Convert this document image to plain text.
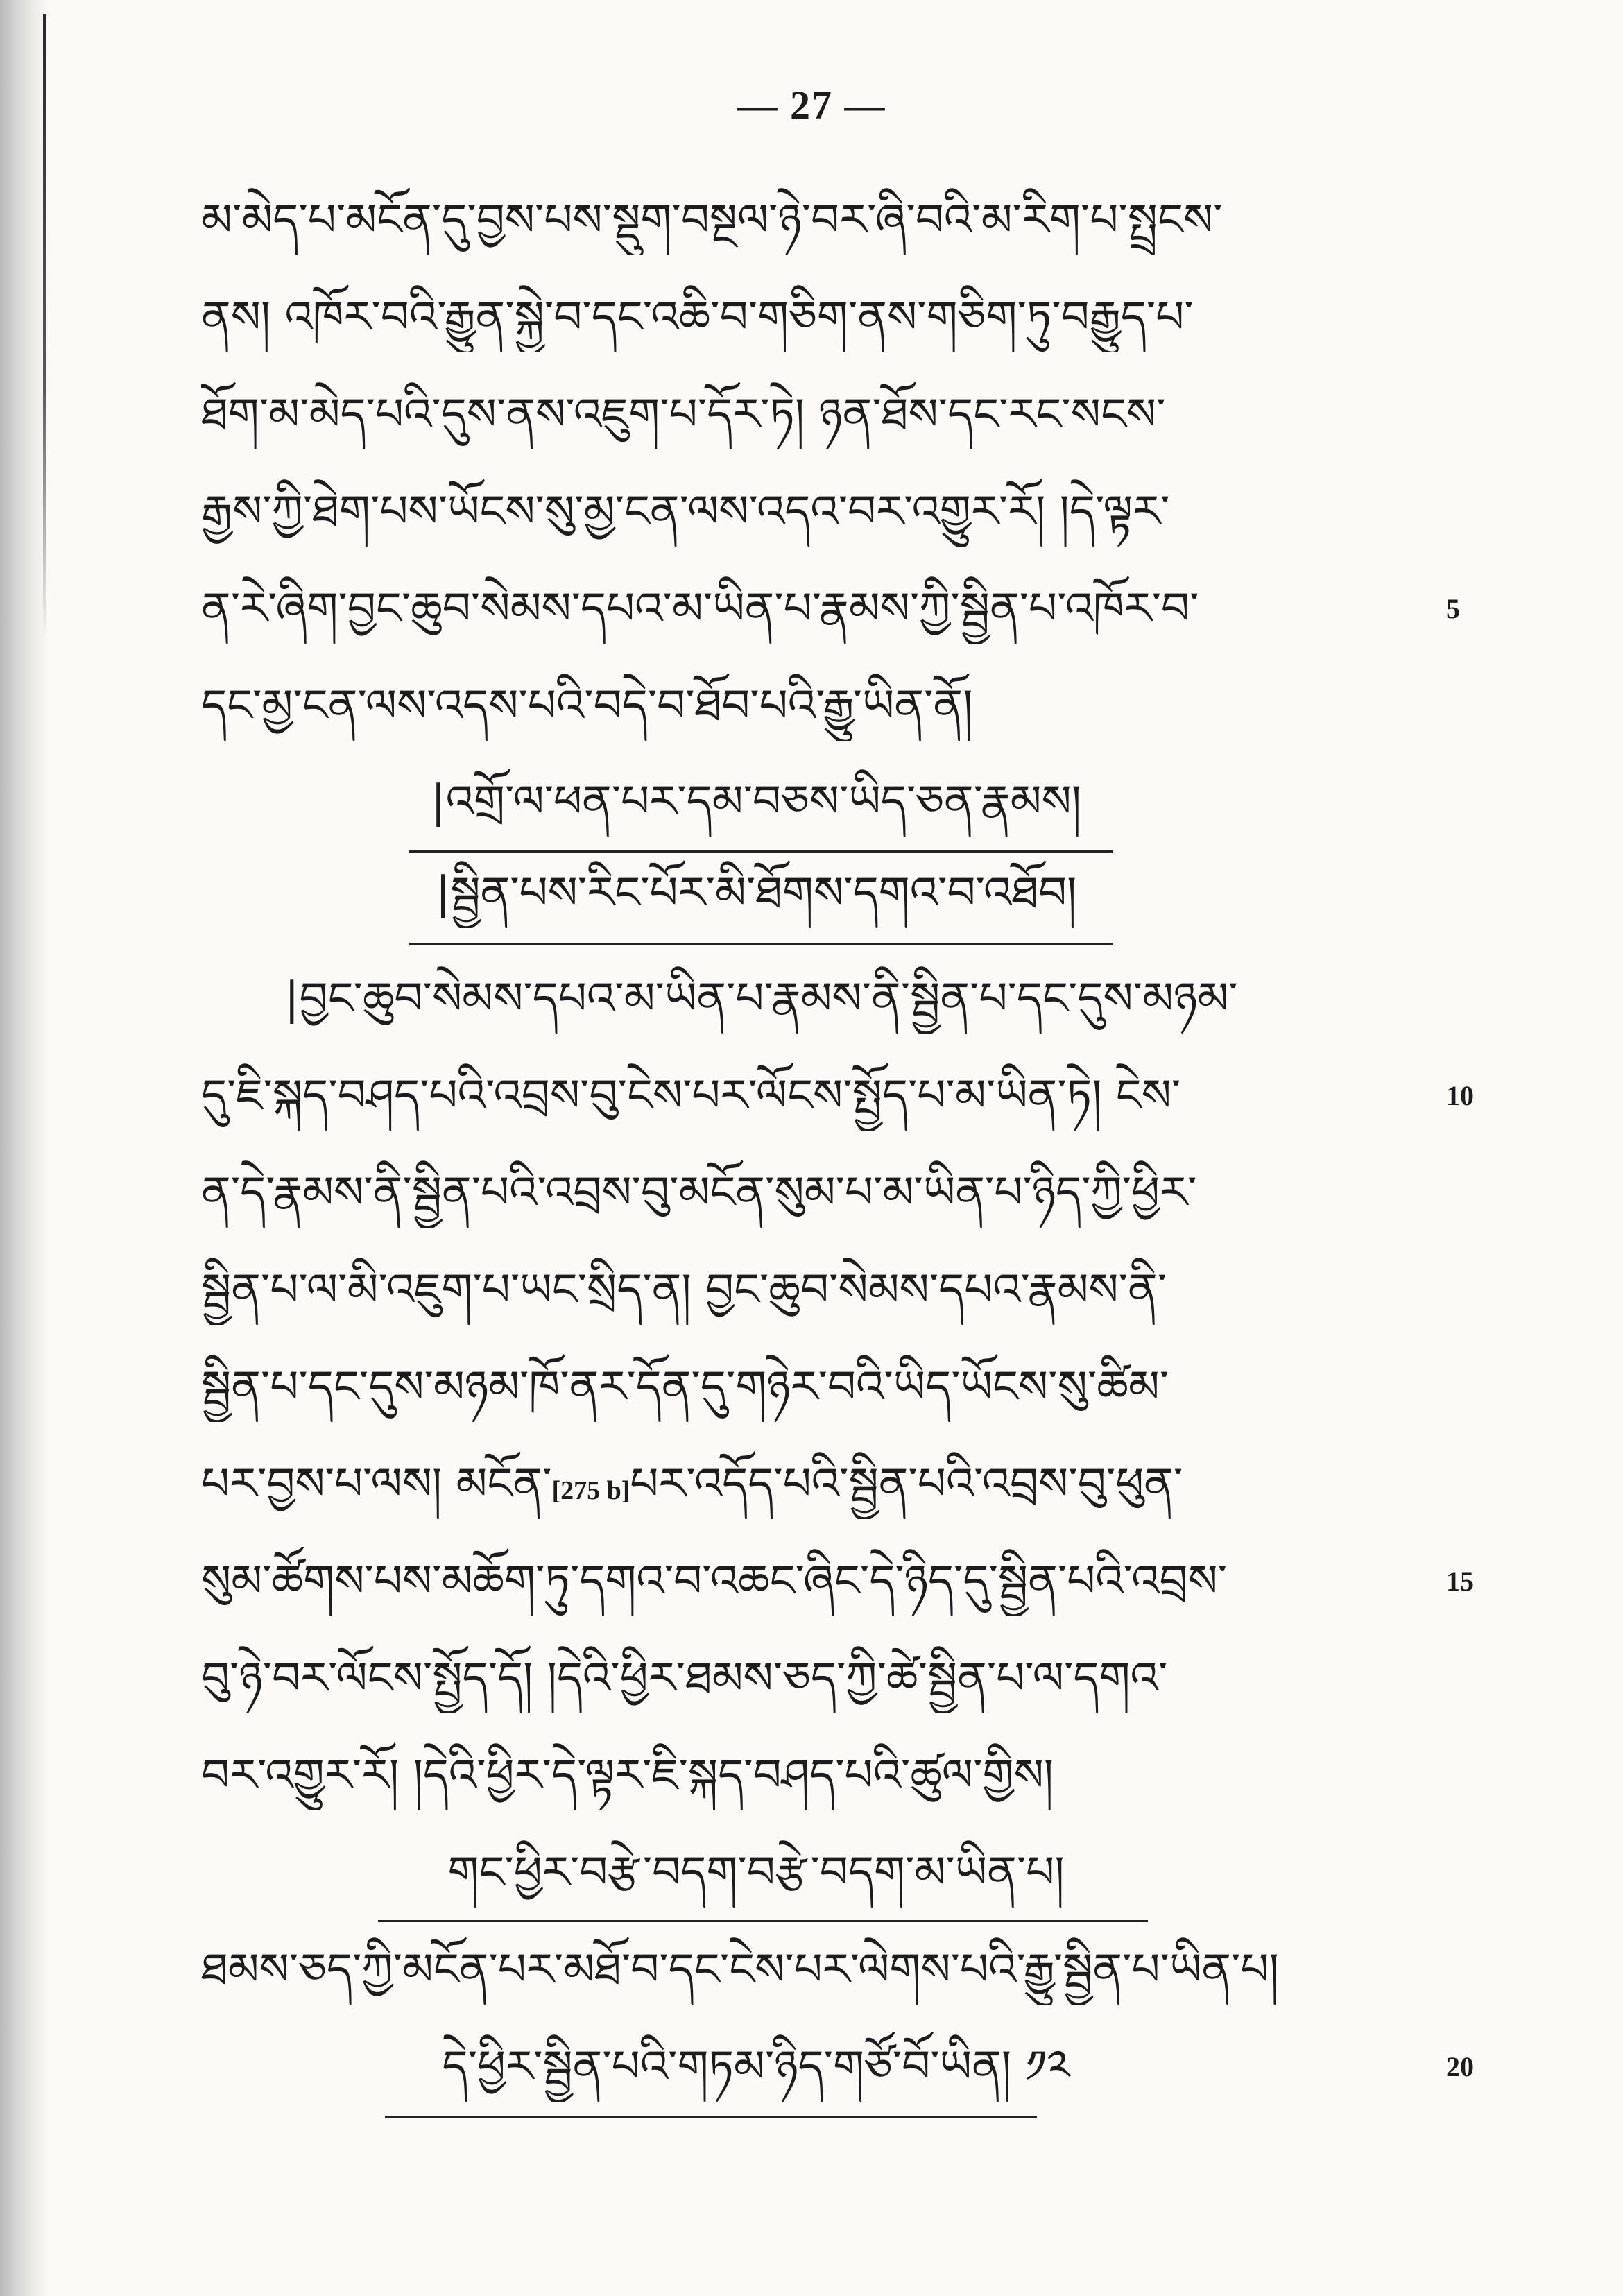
— 27 —
མ་མེད་པ་མངོན་དུ་བྱས་པས་སྡུག་བསྔལ་ཉེ་བར་ཞི་བའི་མ་རིག་པ་སྤྲངས་
ནས། འཁོར་བའི་རྒྱུན་སྐྱེ་བ་དང་འཆི་བ་གཅིག་ནས་གཅིག་ཏུ་བརྒྱུད་པ་
ཐོག་མ་མེད་པའི་དུས་ནས་འཇུག་པ་དོར་ཏེ། ཉན་ཐོས་དང་རང་སངས་
རྒྱས་ཀྱི་ཐེག་པས་ཡོངས་སུ་མྱ་ངན་ལས་འདའ་བར་འགྱུར་རོ། །དེ་ལྟར་
ན་རེ་ཞིག་བྱང་ཆུབ་སེམས་དཔའ་མ་ཡིན་པ་རྣམས་ཀྱི་སྦྱིན་པ་འཁོར་བ་	5
དང་མྱ་ངན་ལས་འདས་པའི་བདེ་བ་ཐོབ་པའི་རྒྱུ་ཡིན་ནོ།
|འགྲོ་ལ་ཕན་པར་དམ་བཅས་ཡིད་ཅན་རྣམས།
|སྦྱིན་པས་རིང་པོར་མི་ཐོགས་དགའ་བ་འཐོབ།
|བྱང་ཆུབ་སེམས་དཔའ་མ་ཡིན་པ་རྣམས་ནི་སྦྱིན་པ་དང་དུས་མཉམ་
དུ་ཇི་སྐད་བཤད་པའི་འབྲས་བུ་ངེས་པར་ལོངས་སྤྱོད་པ་མ་ཡིན་ཏེ། ངེས་	10
ན་དེ་རྣམས་ནི་སྦྱིན་པའི་འབྲས་བུ་མངོན་སུམ་པ་མ་ཡིན་པ་ཉིད་ཀྱི་ཕྱིར་
སྦྱིན་པ་ལ་མི་འཇུག་པ་ཡང་སྲིད་ན། བྱང་ཆུབ་སེམས་དཔའ་རྣམས་ནི་
སྦྱིན་པ་དང་དུས་མཉམ་ཁོ་ནར་དོན་དུ་གཉེར་བའི་ཡིད་ཡོངས་སུ་ཚིམ་
པར་བྱས་པ་ལས། མངོན་[275 b]པར་འདོད་པའི་སྦྱིན་པའི་འབྲས་བུ་ཕུན་
སུམ་ཚོགས་པས་མཆོག་ཏུ་དགའ་བ་འཆང་ཞིང་དེ་ཉིད་དུ་སྦྱིན་པའི་འབྲས་	15
བུ་ཉེ་བར་ལོངས་སྤྱོད་དོ། །དེའི་ཕྱིར་ཐམས་ཅད་ཀྱི་ཚེ་སྦྱིན་པ་ལ་དགའ་
བར་འགྱུར་རོ། །དེའི་ཕྱིར་དེ་ལྟར་ཇི་སྐད་བཤད་པའི་ཚུལ་གྱིས།
གང་ཕྱིར་བརྩེ་བདག་བརྩེ་བདག་མ་ཡིན་པ།
ཐམས་ཅད་ཀྱི་མངོན་པར་མཐོ་བ་དང་ངེས་པར་ལེགས་པའི་རྒྱུ་སྦྱིན་པ་ཡིན་པ།
དེ་ཕྱིར་སྦྱིན་པའི་གཏམ་ཉིད་གཙོ་བོ་ཡིན། ༡༢	20
